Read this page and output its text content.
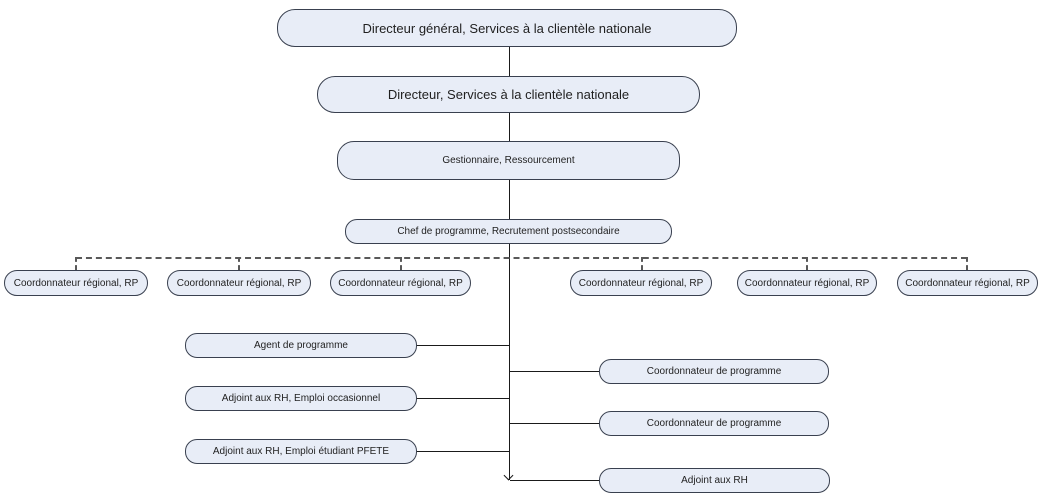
Directeur général, Services à la clientèle nationale
Directeur, Services à la clientèle nationale
Gestionnaire, Ressourcement
Chef de programme, Recrutement postsecondaire
Coordonnateur régional, RP	Coordonnateur régional, RP	Coordonnateur régional, RP	Coordonnateur régional, RP	Coordonnateur régional, RP	Coordonnateur régional, RP
Agent de programme
Adjoint aux RH, Emploi occasionnel
Adjoint aux RH, Emploi étudiant PFETE
Coordonnateur de programme
Coordonnateur de programme
Adjoint aux RH
